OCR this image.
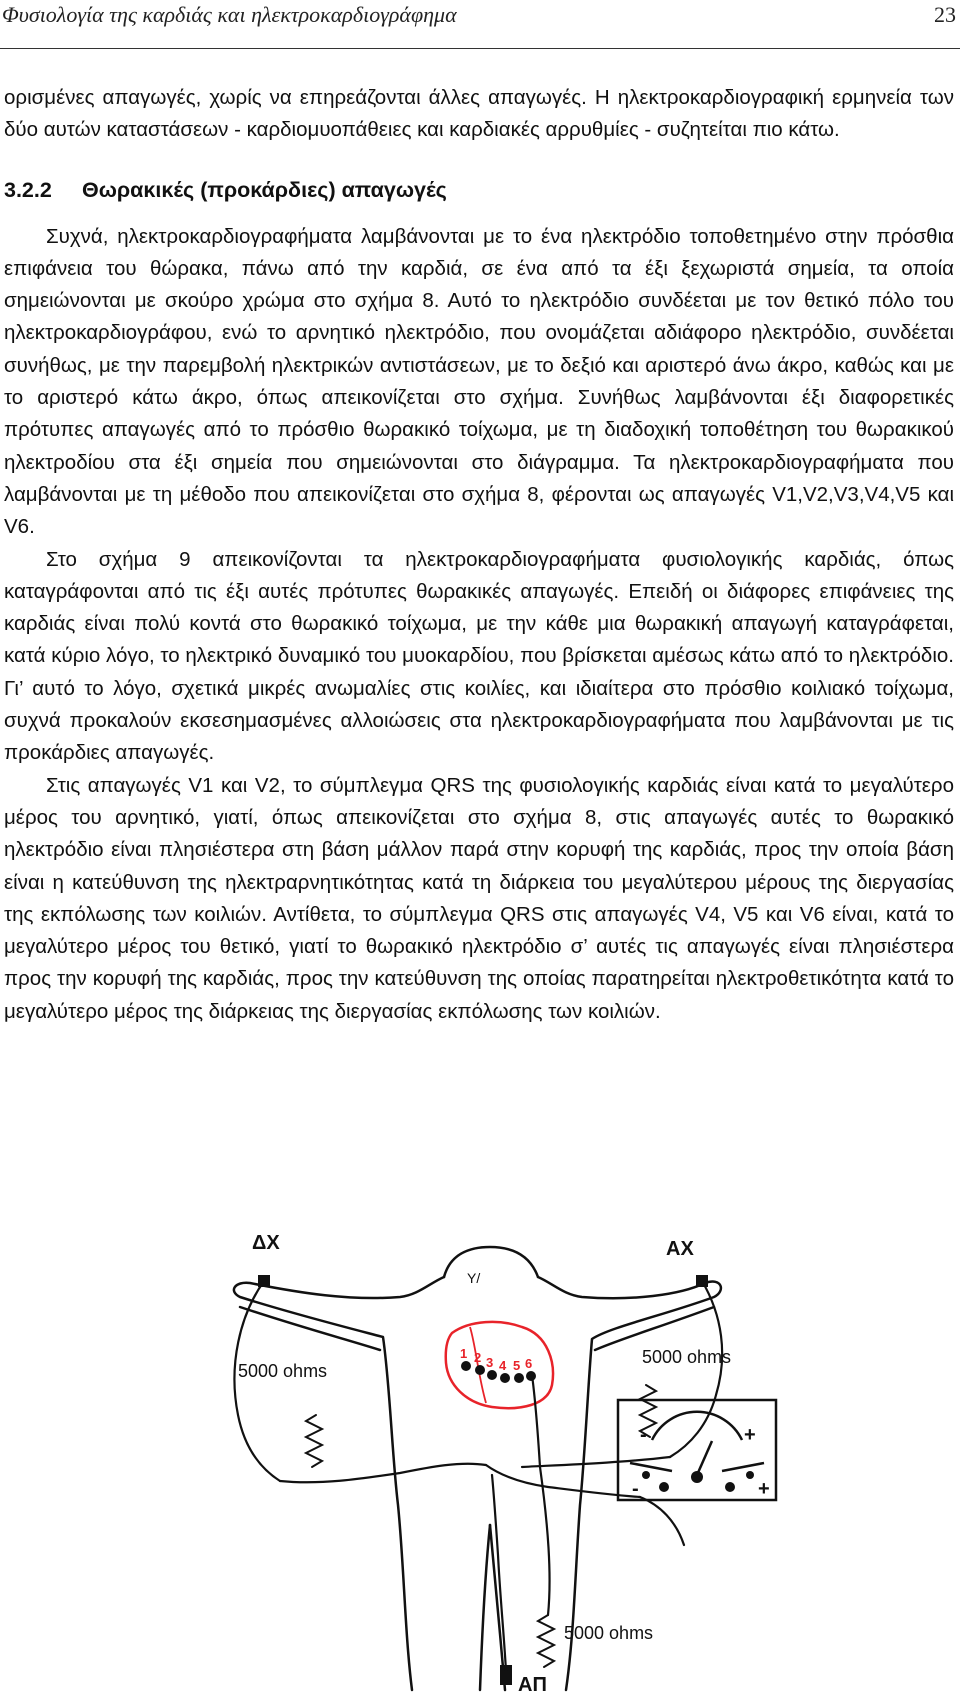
Φυσιολογία της καρδιάς και ηλεκτροκαρδιογράφημα	23

ορισμένες απαγωγές, χωρίς να επηρεάζονται άλλες απαγωγές. Η ηλεκτροκαρδιογραφική ερμηνεία των δύο αυτών καταστάσεων - καρδιομυοπάθειες και καρδιακές αρρυθμίες - συζητείται πιο κάτω.

3.2.2 Θωρακικές (προκάρδιες) απαγωγές

Συχνά, ηλεκτροκαρδιογραφήματα λαμβάνονται με το ένα ηλεκτρόδιο τοποθετημένο στην πρόσθια επιφάνεια του θώρακα, πάνω από την καρδιά, σε ένα από τα έξι ξεχωριστά σημεία, τα οποία σημειώνονται με σκούρο χρώμα στο σχήμα 8. Αυτό το ηλεκτρόδιο συνδέεται με τον θετικό πόλο του ηλεκτροκαρδιογράφου, ενώ το αρνητικό ηλεκτρόδιο, που ονομάζεται αδιάφορο ηλεκτρόδιο, συνδέεται συνήθως, με την παρεμβολή ηλεκτρικών αντιστάσεων, με το δεξιό και αριστερό άνω άκρο, καθώς και με το αριστερό κάτω άκρο, όπως απεικονίζεται στο σχήμα. Συνήθως λαμβάνονται έξι διαφορετικές πρότυπες απαγωγές από το πρόσθιο θωρακικό τοίχωμα, με τη διαδοχική τοποθέτηση του θωρακικού ηλεκτροδίου στα έξι σημεία που σημειώνονται στο διάγραμμα. Τα ηλεκτροκαρδιογραφήματα που λαμβάνονται με τη μέθοδο που απεικονίζεται στο σχήμα 8, φέρονται ως απαγωγές V1,V2,V3,V4,V5 και V6.

Στο σχήμα 9 απεικονίζονται τα ηλεκτροκαρδιογραφήματα φυσιολογικής καρδιάς, όπως καταγράφονται από τις έξι αυτές πρότυπες θωρακικές απαγωγές. Επειδή οι διάφορες επιφάνειες της καρδιάς είναι πολύ κοντά στο θωρακικό τοίχωμα, με την κάθε μια θωρακική απαγωγή καταγράφεται, κατά κύριο λόγο, το ηλεκτρικό δυναμικό του μυοκαρδίου, που βρίσκεται αμέσως κάτω από το ηλεκτρόδιο. Γι’ αυτό το λόγο, σχετικά μικρές ανωμαλίες στις κοιλίες, και ιδιαίτερα στο πρόσθιο κοιλιακό τοίχωμα, συχνά προκαλούν εκσεσημασμένες αλλοιώσεις στα ηλεκτροκαρδιογραφήματα που λαμβάνονται με τις προκάρδιες απαγωγές.

Στις απαγωγές V1 και V2, το σύμπλεγμα QRS της φυσιολογικής καρδιάς είναι κατά το μεγαλύτερο μέρος του αρνητικό, γιατί, όπως απεικονίζεται στο σχήμα 8, στις απαγωγές αυτές το θωρακικό ηλεκτρόδιο είναι πλησιέστερα στη βάση μάλλον παρά στην κορυφή της καρδιάς, προς την οποία βάση είναι η κατεύθυνση της ηλεκτραρνητικότητας κατά τη διάρκεια του μεγαλύτερου μέρους της διεργασίας της εκπόλωσης των κοιλιών. Αντίθετα, το σύμπλεγμα QRS στις απαγωγές V4, V5 και V6 είναι, κατά το μεγαλύτερο μέρος του θετικό, γιατί το θωρακικό ηλεκτρόδιο σ’ αυτές τις απαγωγές είναι πλησιέστερα προς την κορυφή της καρδιάς, προς την κατεύθυνση της οποίας παρατηρείται ηλεκτροθετικότητα κατά το μεγαλύτερο μέρος της διάρκειας της διεργασίας εκπόλωσης των κοιλιών.

1 2 3 4 5 6
-	+
-	+
ΔΧ	ΑΧ
ΑΠ
Υ/
5000 ohms
5000 ohms
5000 ohms
